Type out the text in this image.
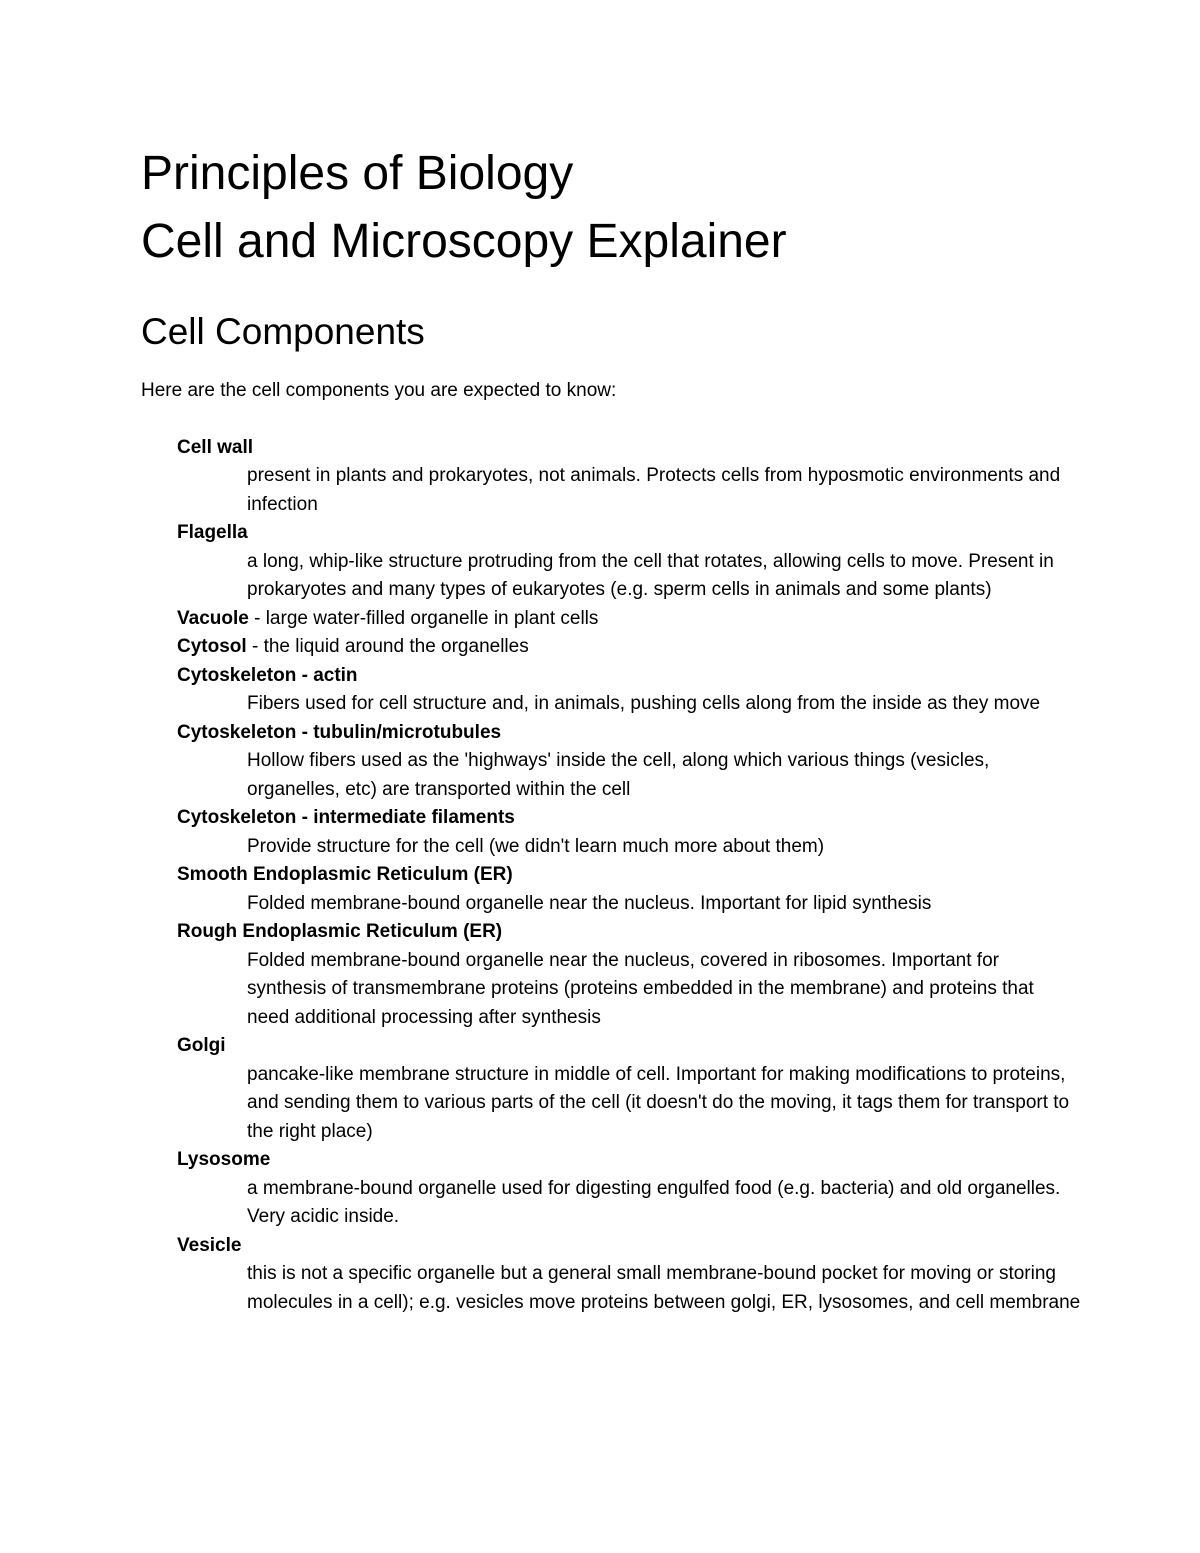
Principles of Biology
Cell and Microscopy Explainer
Cell Components

Here are the cell components you are expected to know:

Cell wall

present in plants and prokaryotes, not animals. Protects cells from hyposmotic environments and infection

Flagella

a long, whip-like structure protruding from the cell that rotates, allowing cells to move. Present in prokaryotes and many types of eukaryotes (e.g. sperm cells in animals and some plants)

Vacuole - large water-filled organelle in plant cells

Cytosol - the liquid around the organelles

Cytoskeleton - actin

Fibers used for cell structure and, in animals, pushing cells along from the inside as they move

Cytoskeleton - tubulin/microtubules

Hollow fibers used as the 'highways' inside the cell, along which various things (vesicles, organelles, etc) are transported within the cell

Cytoskeleton - intermediate filaments

Provide structure for the cell (we didn't learn much more about them)

Smooth Endoplasmic Reticulum (ER)

Folded membrane-bound organelle near the nucleus. Important for lipid synthesis

Rough Endoplasmic Reticulum (ER)

Folded membrane-bound organelle near the nucleus, covered in ribosomes. Important for synthesis of transmembrane proteins (proteins embedded in the membrane) and proteins that need additional processing after synthesis

Golgi

pancake-like membrane structure in middle of cell. Important for making modifications to proteins, and sending them to various parts of the cell (it doesn't do the moving, it tags them for transport to the right place)

Lysosome

a membrane-bound organelle used for digesting engulfed food (e.g. bacteria) and old organelles. Very acidic inside.

Vesicle

this is not a specific organelle but a general small membrane-bound pocket for moving or storing molecules in a cell); e.g. vesicles move proteins between golgi, ER, lysosomes, and cell membrane
